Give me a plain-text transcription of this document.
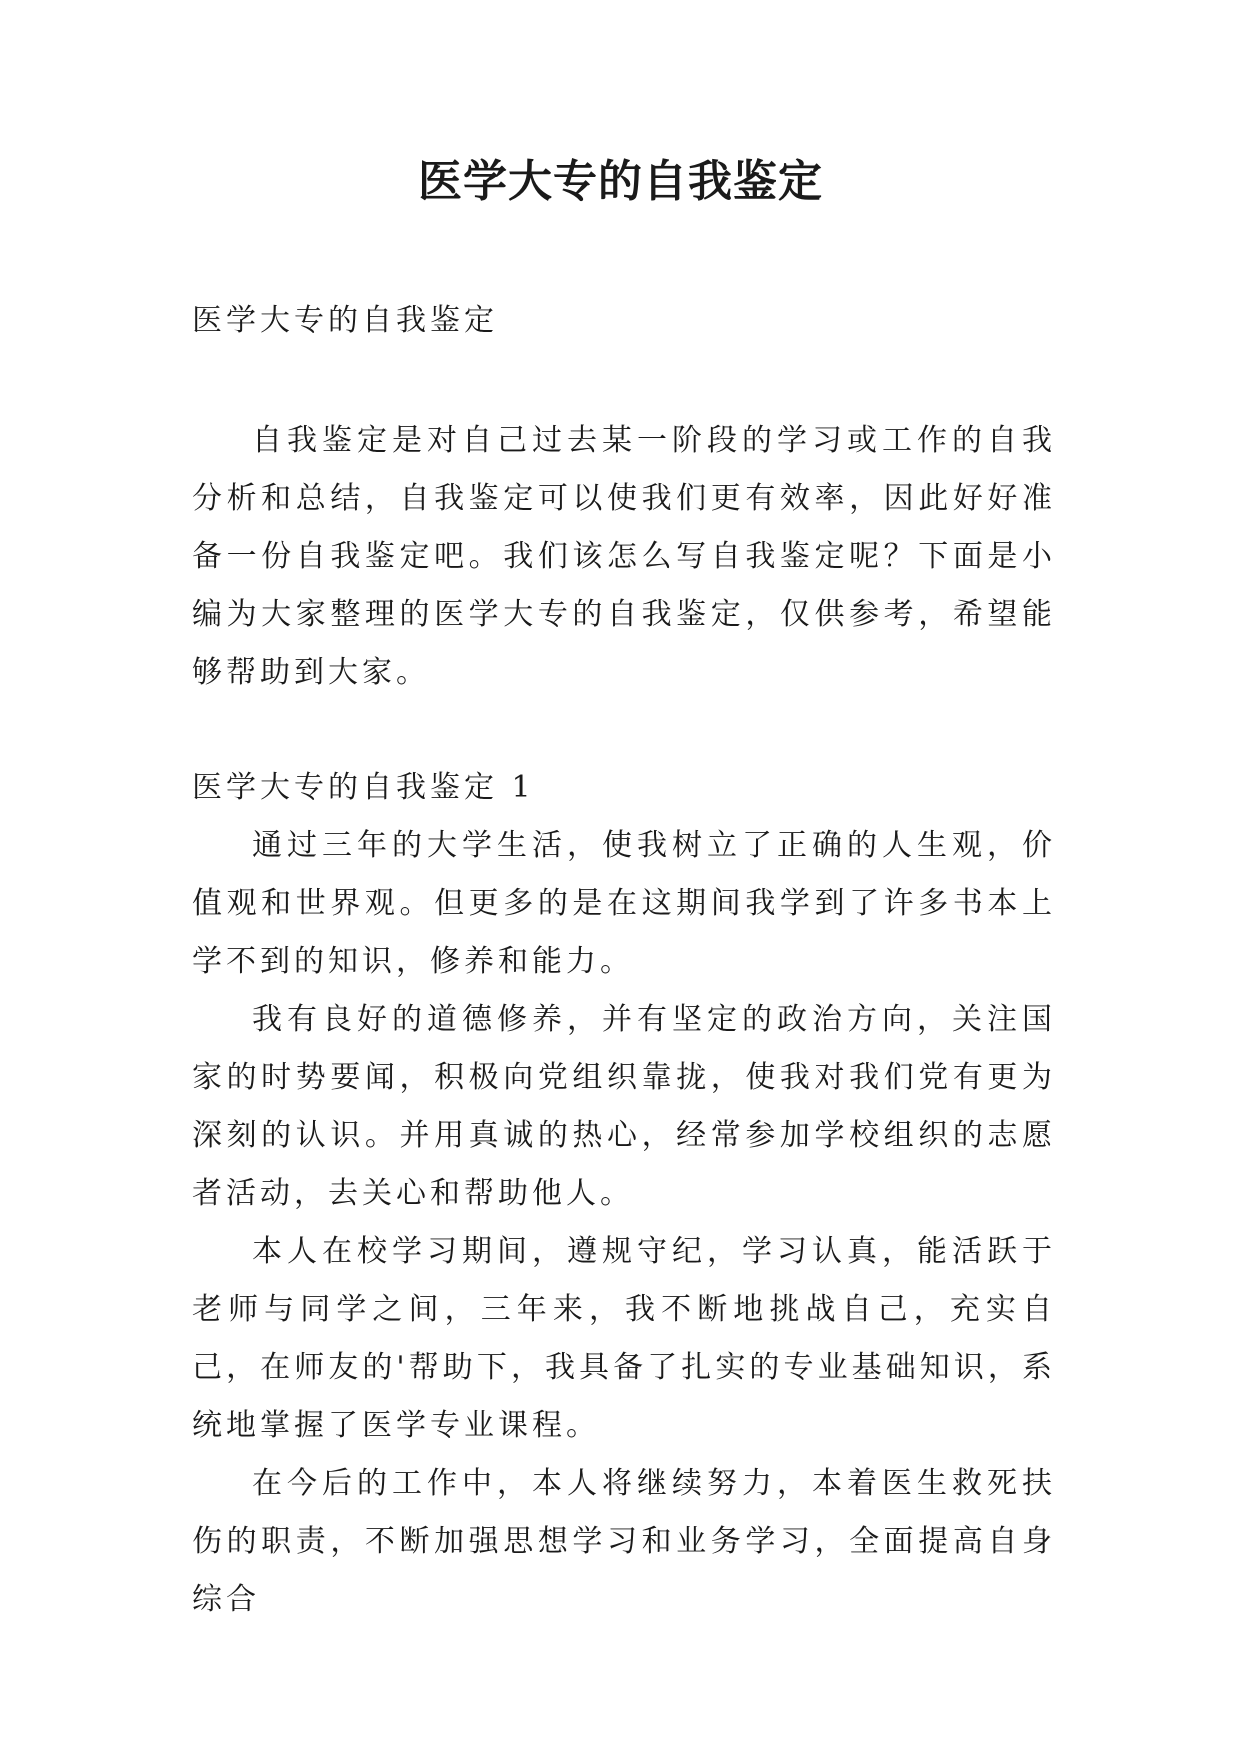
医学大专的自我鉴定

医学大专的自我鉴定

自我鉴定是对自己过去某一阶段的学习或工作的自我分析和总结，自我鉴定可以使我们更有效率，因此好好准备一份自我鉴定吧。我们该怎么写自我鉴定呢？下面是小编为大家整理的医学大专的自我鉴定，仅供参考，希望能够帮助到大家。

医学大专的自我鉴定 1

通过三年的大学生活，使我树立了正确的人生观，价值观和世界观。但更多的是在这期间我学到了许多书本上学不到的知识，修养和能力。

我有良好的道德修养，并有坚定的政治方向，关注国家的时势要闻，积极向党组织靠拢，使我对我们党有更为深刻的认识。并用真诚的热心，经常参加学校组织的志愿者活动，去关心和帮助他人。

本人在校学习期间，遵规守纪，学习认真，能活跃于老师与同学之间，三年来，我不断地挑战自己，充实自己，在师友的'帮助下，我具备了扎实的专业基础知识，系统地掌握了医学专业课程。

在今后的工作中，本人将继续努力，本着医生救死扶伤的职责，不断加强思想学习和业务学习，全面提高自身综合
